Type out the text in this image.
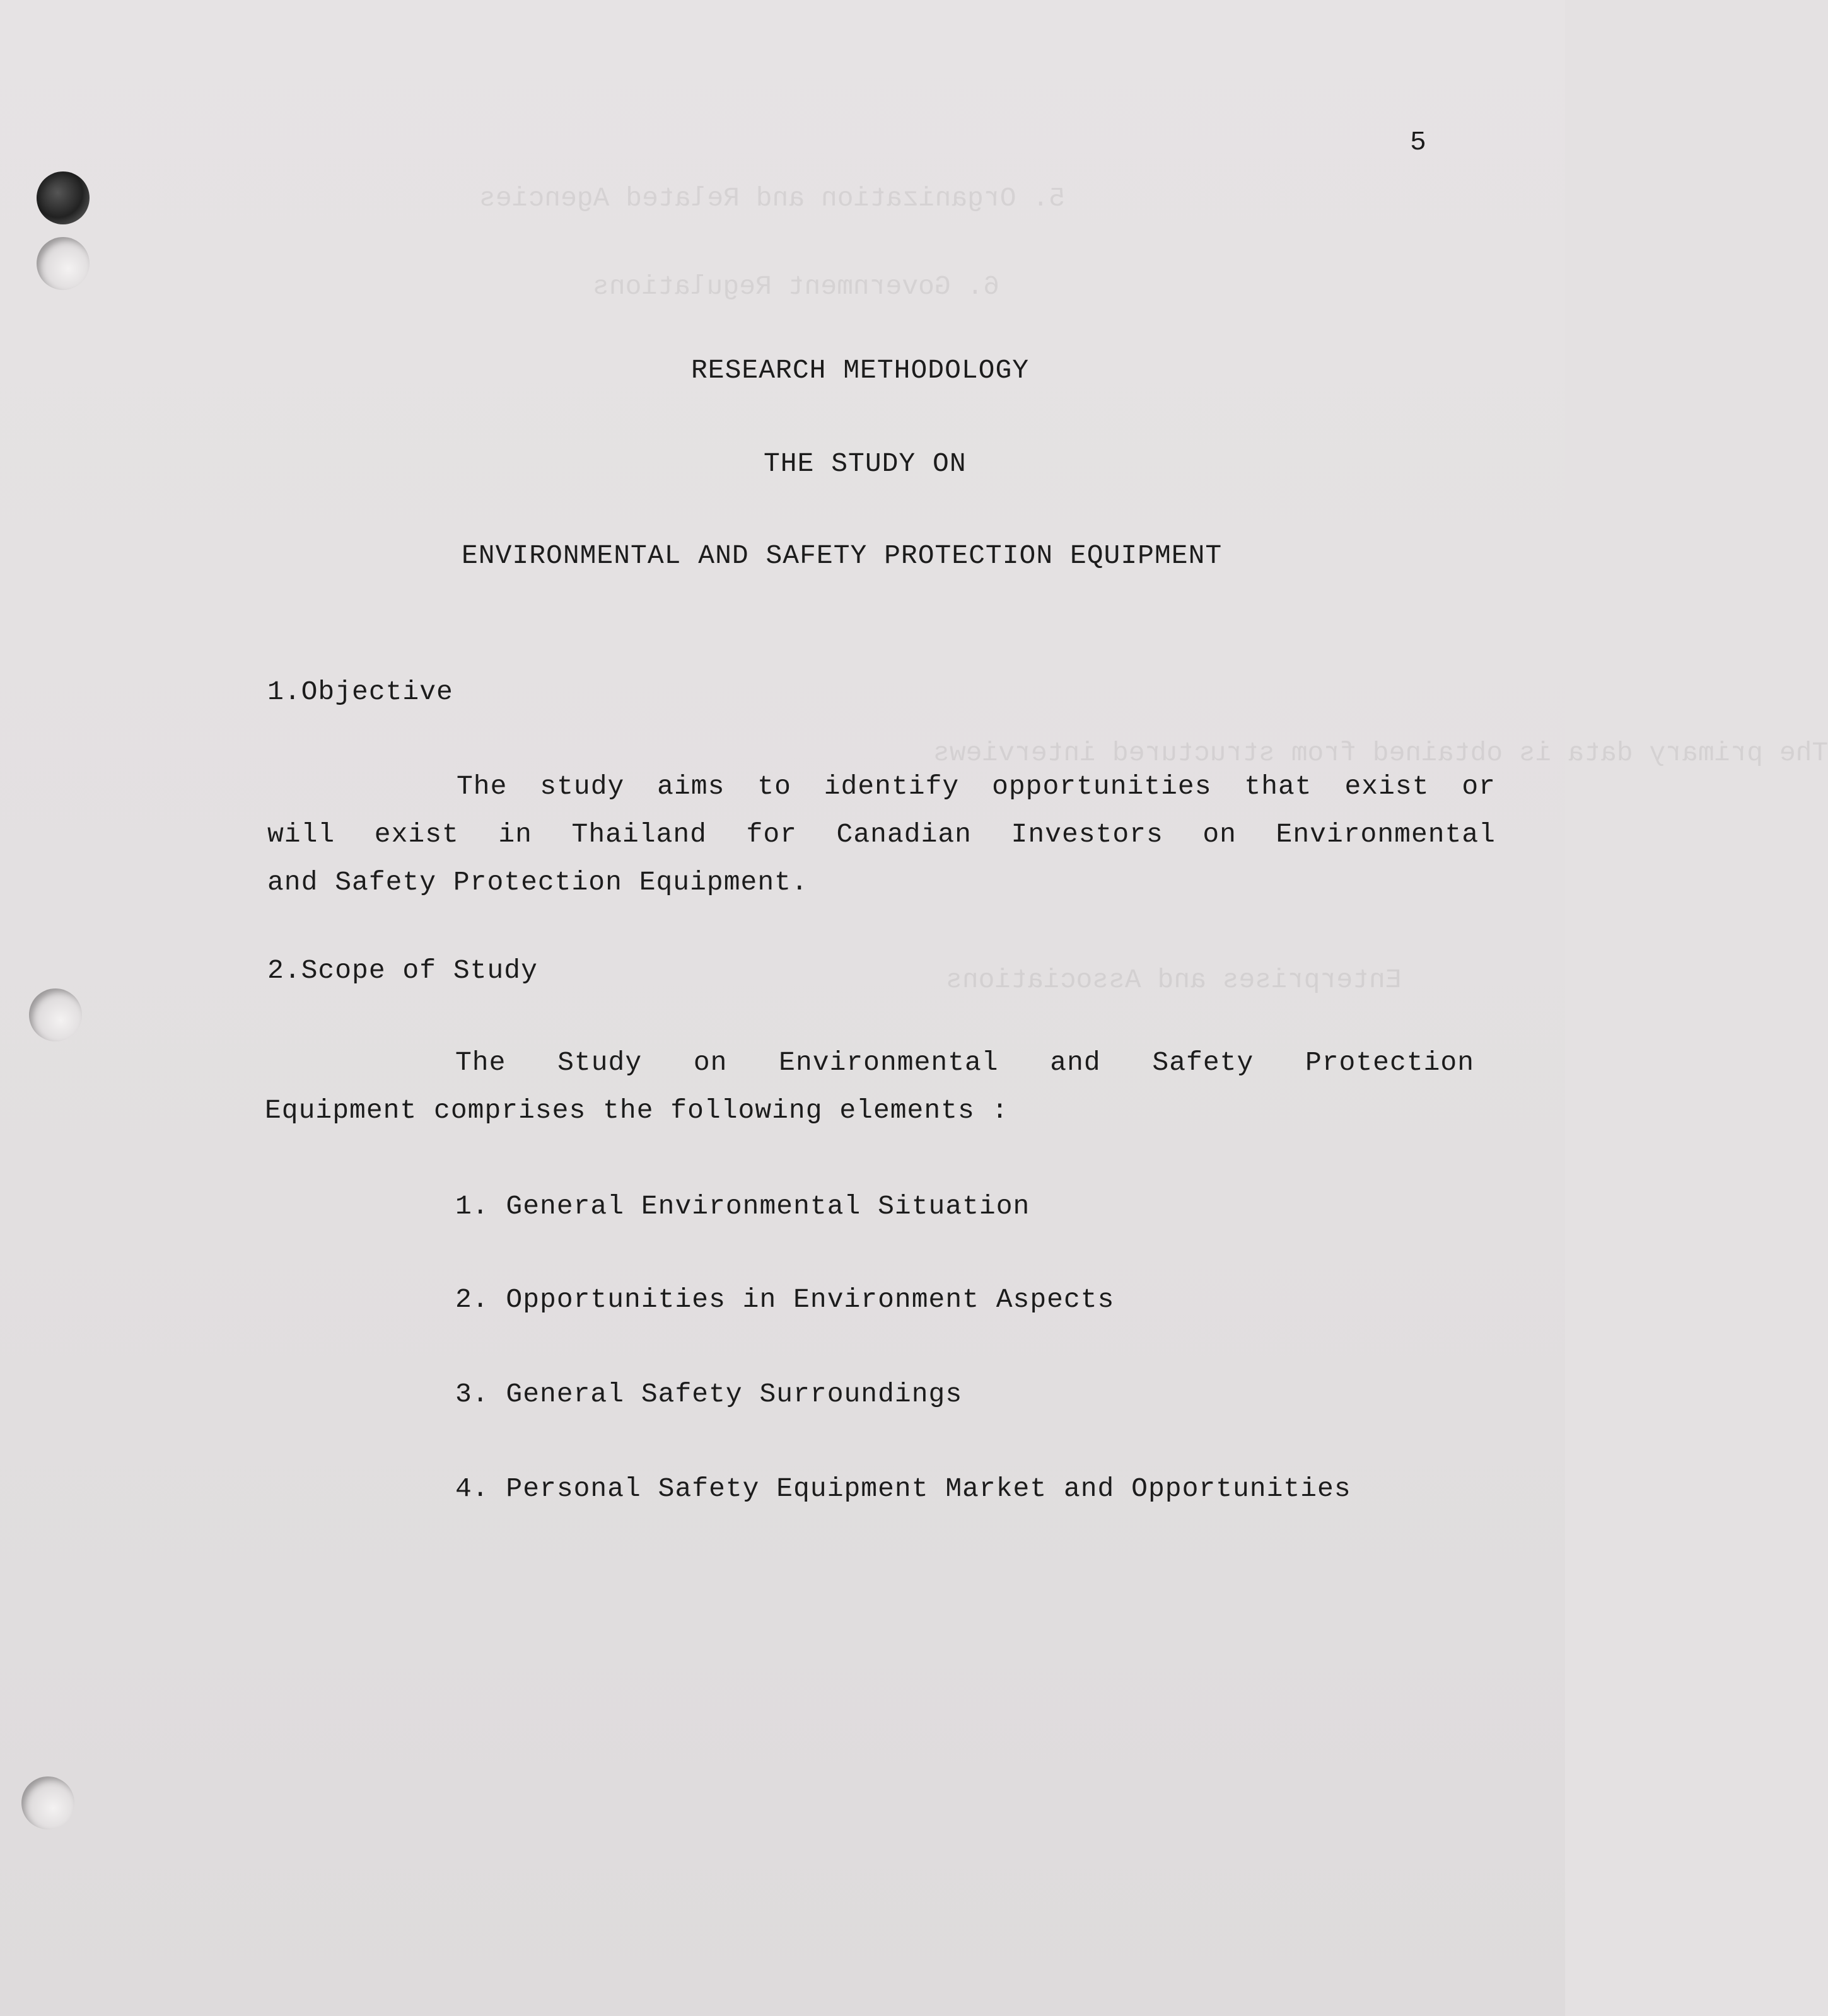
5. Organization and Related Agencies
6. Government Regulations
The primary data is obtained from structured interviews
Enterprises and Associations
5
RESEARCH METHODOLOGY
THE STUDY ON
ENVIRONMENTAL AND SAFETY PROTECTION EQUIPMENT
1.Objective
The study aims to identify opportunities that exist or
will exist in Thailand for Canadian Investors on Environmental
and Safety Protection Equipment.
2.Scope of Study
The Study on Environmental and Safety Protection
Equipment comprises the following elements :
1. General Environmental Situation
2. Opportunities in Environment Aspects
3. General Safety Surroundings
4. Personal Safety Equipment Market and Opportunities
